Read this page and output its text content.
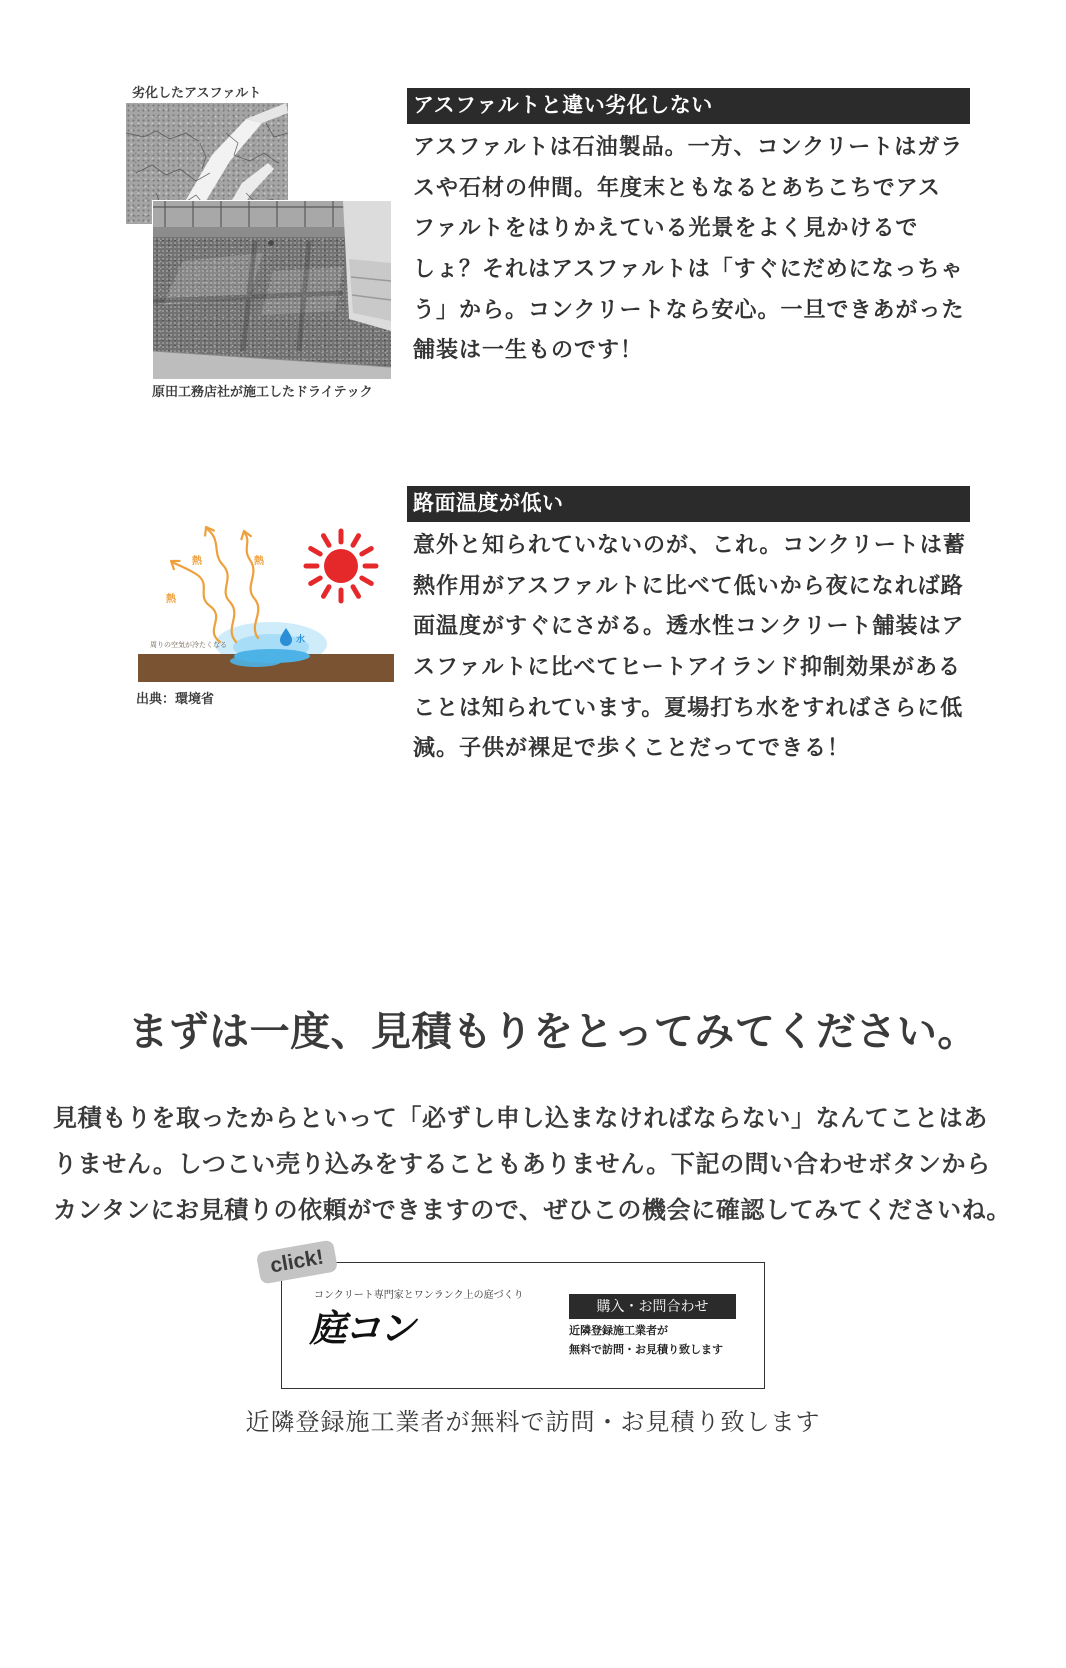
劣化したアスファルト
原田工務店社が施工したドライテック
アスファルトと違い劣化しない
アスファルトは石油製品。一方、コンクリートはガラ
スや石材の仲間。年度末ともなるとあちこちでアス
ファルトをはりかえている光景をよく見かけるで
しょ？それはアスファルトは「すぐにだめになっちゃ
う」から。コンクリートなら安心。一旦できあがった
舗装は一生ものです！
熱	熱
熱
周りの空気が冷たくなる
水
出典：環境省
路面温度が低い
意外と知られていないのが、これ。コンクリートは蓄
熱作用がアスファルトに比べて低いから夜になれば路
面温度がすぐにさがる。透水性コンクリート舗装はア
スファルトに比べてヒートアイランド抑制効果がある
ことは知られています。夏場打ち水をすればさらに低
減。子供が裸足で歩くことだってできる！
まずは一度、見積もりをとってみてください。
見積もりを取ったからといって「必ずし申し込まなければならない」なんてことはあ
りません。しつこい売り込みをすることもありません。下記の問い合わせボタンから
カンタンにお見積りの依頼ができますので、ぜひこの機会に確認してみてくださいね。
click!
コンクリート専門家とワンランク上の庭づくり
庭コン
購入・お問合わせ
近隣登録施工業者が
無料で訪問・お見積り致します
近隣登録施工業者が無料で訪問・お見積り致します
